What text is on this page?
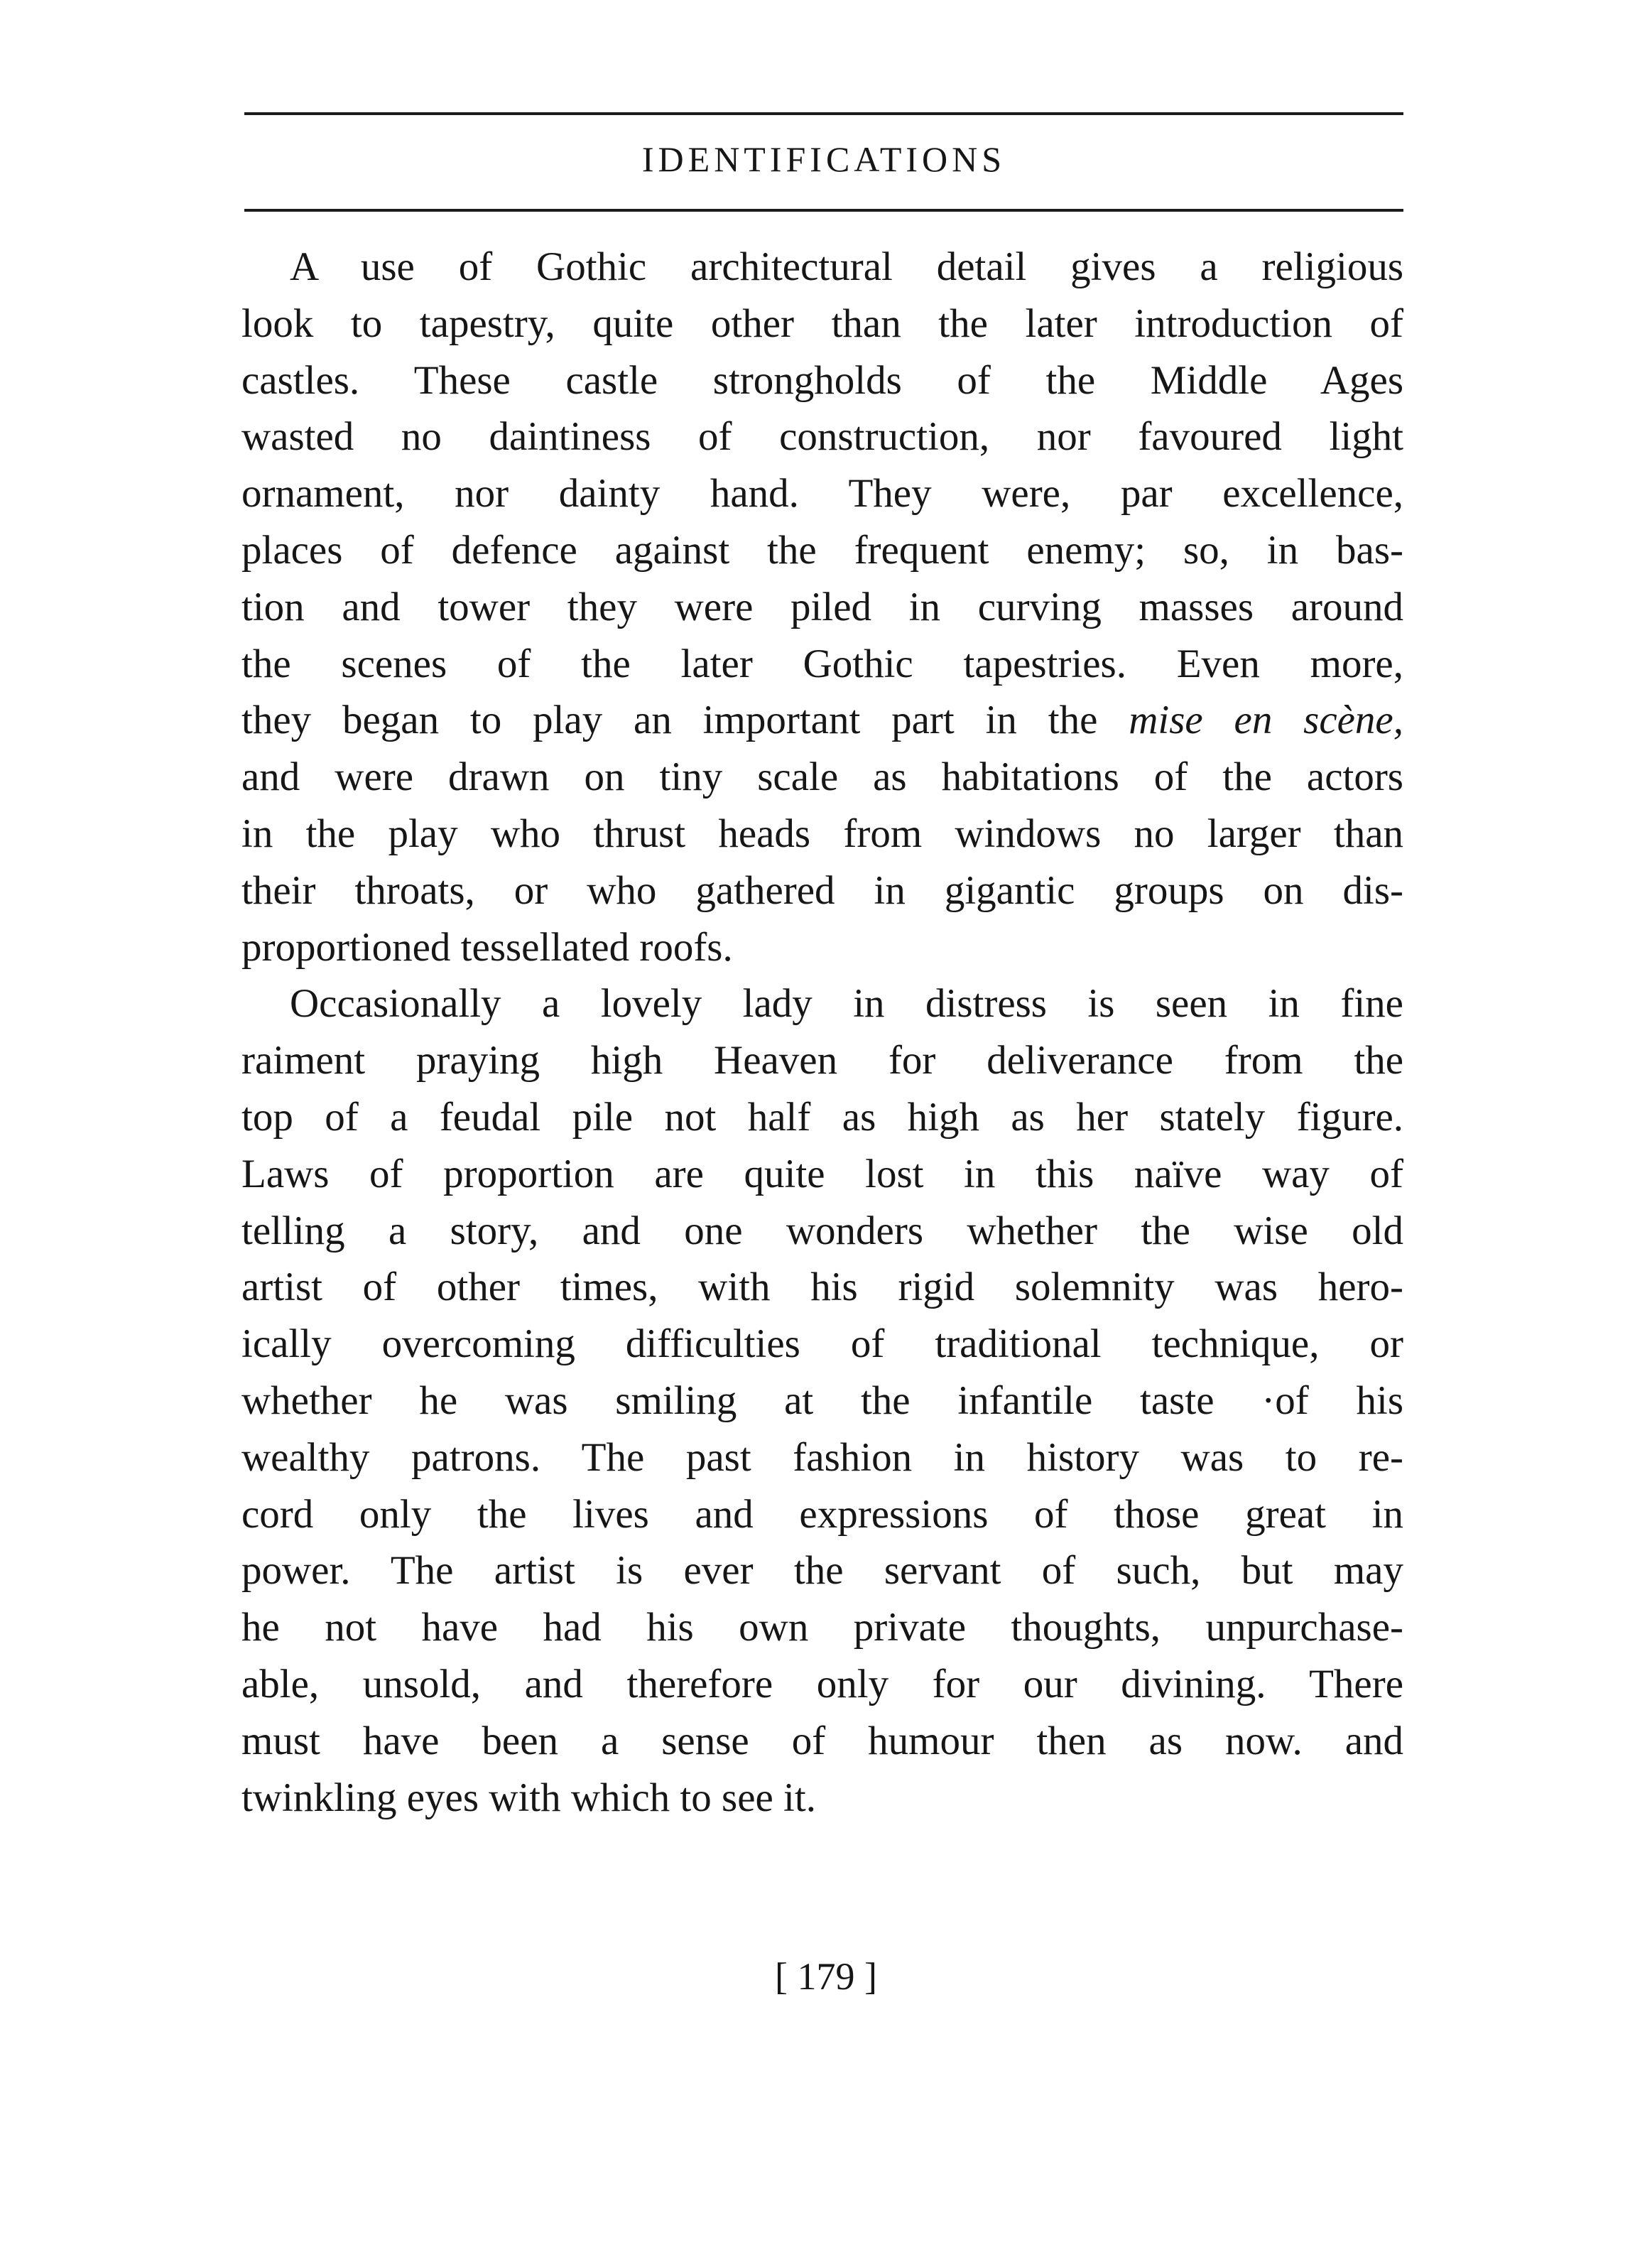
IDENTIFICATIONS
A use of Gothic architectural detail gives a religious
look to tapestry, quite other than the later introduction of
castles. These castle strongholds of the Middle Ages
wasted no daintiness of construction, nor favoured light
ornament, nor dainty hand. They were, par excellence,
places of defence against the frequent enemy; so, in bas-
tion and tower they were piled in curving masses around
the scenes of the later Gothic tapestries. Even more,
they began to play an important part in the mise en scène,
and were drawn on tiny scale as habitations of the actors
in the play who thrust heads from windows no larger than
their throats, or who gathered in gigantic groups on dis-
proportioned tessellated roofs.
Occasionally a lovely lady in distress is seen in fine
raiment praying high Heaven for deliverance from the
top of a feudal pile not half as high as her stately figure.
Laws of proportion are quite lost in this naïve way of
telling a story, and one wonders whether the wise old
artist of other times, with his rigid solemnity was hero-
ically overcoming difficulties of traditional technique, or
whether he was smiling at the infantile taste ·of his
wealthy patrons. The past fashion in history was to re-
cord only the lives and expressions of those great in
power. The artist is ever the servant of such, but may
he not have had his own private thoughts, unpurchase-
able, unsold, and therefore only for our divining. There
must have been a sense of humour then as now. and
twinkling eyes with which to see it.
[ 179 ]
